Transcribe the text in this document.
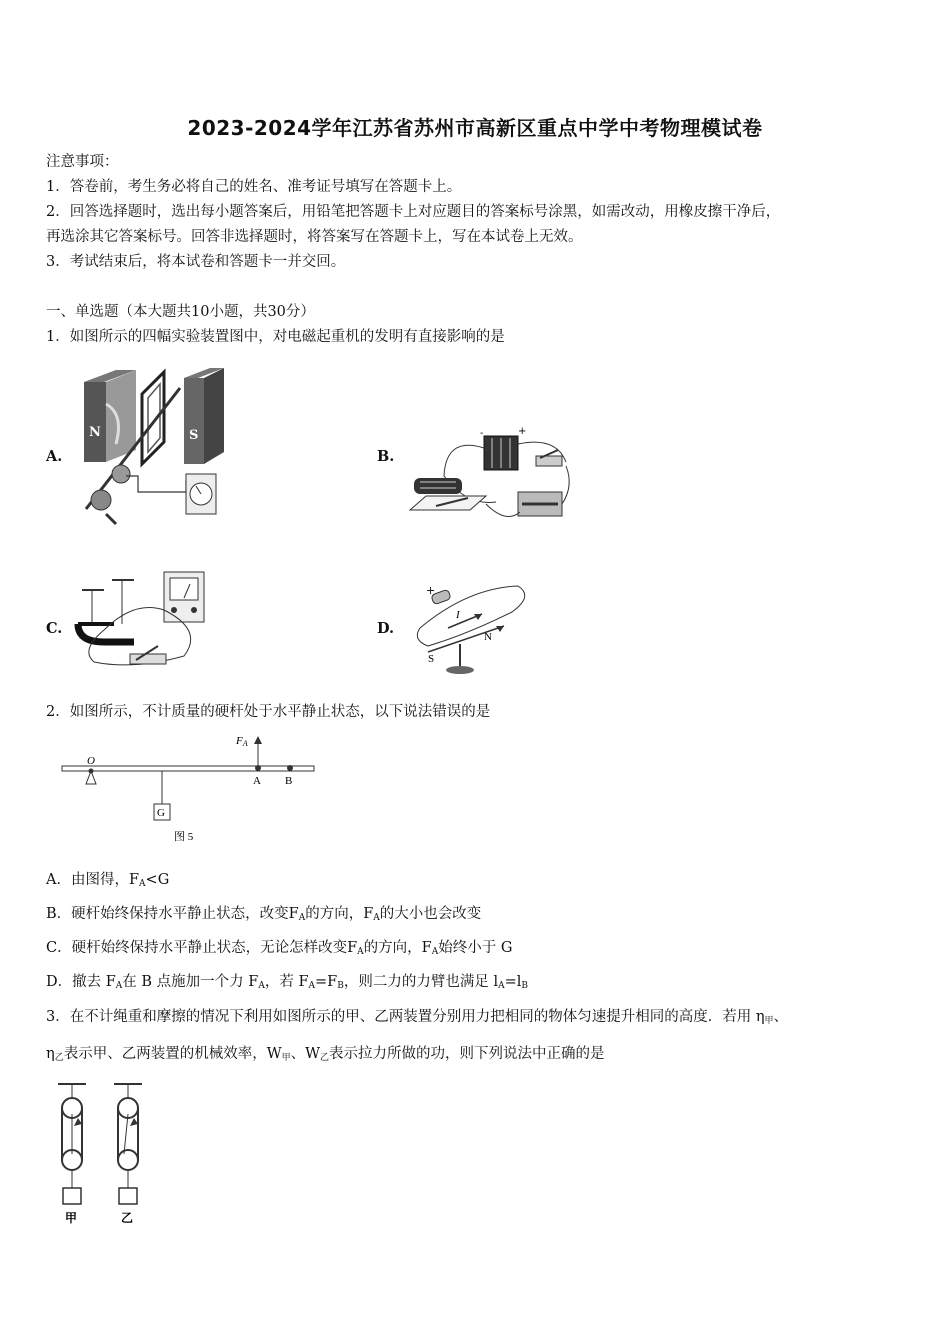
2023-2024学年江苏省苏州市高新区重点中学中考物理模试卷
注意事项：
1．答卷前，考生务必将自己的姓名、准考证号填写在答题卡上。
2．回答选择题时，选出每小题答案后，用铅笔把答题卡上对应题目的答案标号涂黑，如需改动，用橡皮擦干净后，
再选涂其它答案标号。回答非选择题时，将答案写在答题卡上，写在本试卷上无效。
3．考试结束后，将本试卷和答题卡一并交回。
一、单选题（本大题共10小题，共30分）
1．如图所示的四幅实验装置图中，对电磁起重机的发明有直接影响的是
A.	B.
C.	D.
N	S	-	+
+
I
N
S
2．如图所示，不计质量的硬杆处于水平静止状态，以下说法错误的是
O
G
FA
A B
图 5
A．由图得，$F_A<G$
B．硬杆始终保持水平静止状态，改变$F_A$的方向，$F_A$的大小也会改变
C．硬杆始终保持水平静止状态，无论怎样改变$F_A$的方向，$F_A$始终小于 G
D．撤去 $F_A$在 B 点施加一个力 $F_A$，若 $F_A=F_B$，则二力的力臂也满足 $l_A=l_B$
3．在不计绳重和摩擦的情况下利用如图所示的甲、乙两装置分别用力把相同的物体匀速提升相同的高度．若用 $\eta_甲$、
$\eta_乙$表示甲、乙两装置的机械效率，$W_甲$、$W_乙$表示拉力所做的功，则下列说法中正确的是
甲	乙
